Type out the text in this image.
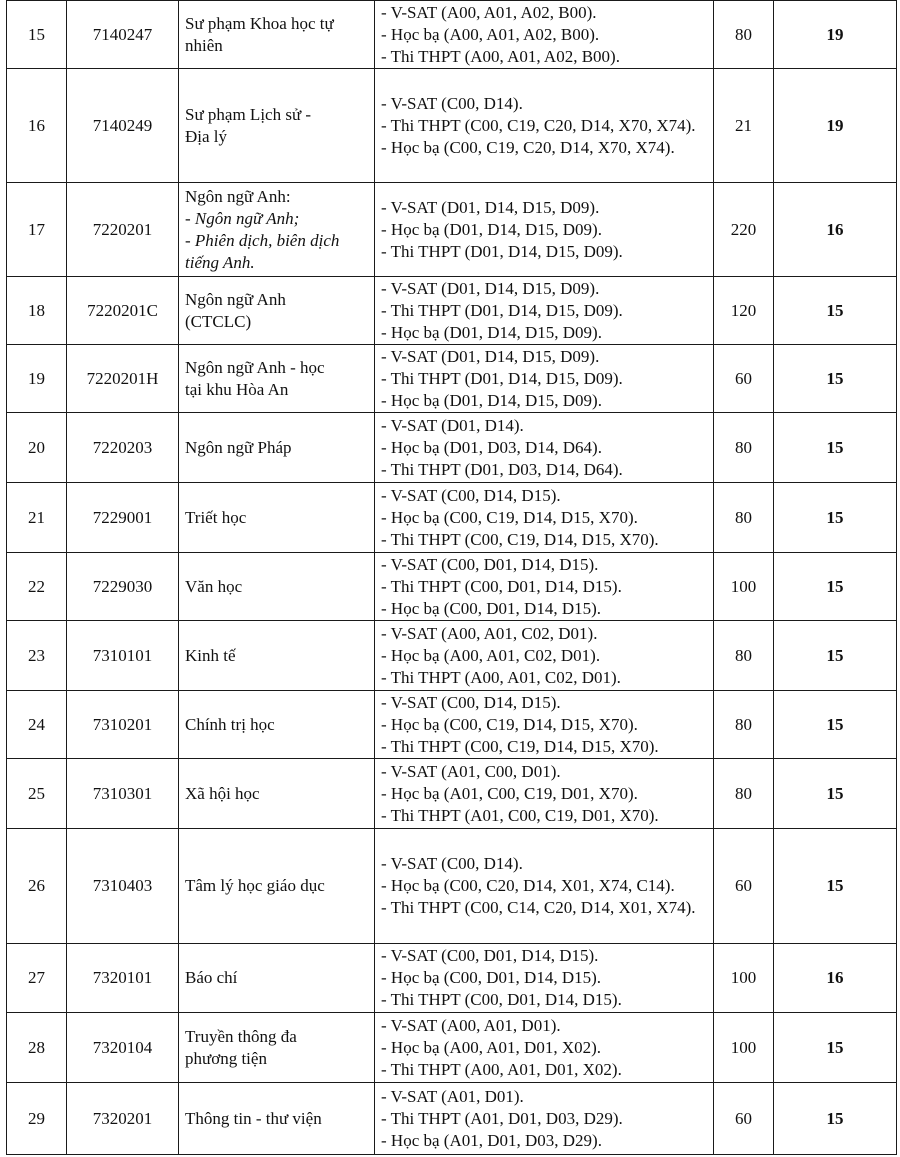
15	7140247	Sư phạm Khoa học tự
nhiên	- V-SAT (A00, A01, A02, B00).
- Học bạ (A00, A01, A02, B00).
- Thi THPT (A00, A01, A02, B00).	80	19
16	7140249	Sư phạm Lịch sử -
Địa lý	- V-SAT (C00, D14).
- Thi THPT (C00, C19, C20, D14, X70, X74).
- Học bạ (C00, C19, C20, D14, X70, X74).	21	19
17	7220201	Ngôn ngữ Anh:
- Ngôn ngữ Anh;
- Phiên dịch, biên dịch tiếng Anh.	- V-SAT (D01, D14, D15, D09).
- Học bạ (D01, D14, D15, D09).
- Thi THPT (D01, D14, D15, D09).	220	16
18	7220201C	Ngôn ngữ Anh
(CTCLC)	- V-SAT (D01, D14, D15, D09).
- Thi THPT (D01, D14, D15, D09).
- Học bạ (D01, D14, D15, D09).	120	15
19	7220201H	Ngôn ngữ Anh - học
tại khu Hòa An	- V-SAT (D01, D14, D15, D09).
- Thi THPT (D01, D14, D15, D09).
- Học bạ (D01, D14, D15, D09).	60	15
20	7220203	Ngôn ngữ Pháp	- V-SAT (D01, D14).
- Học bạ (D01, D03, D14, D64).
- Thi THPT (D01, D03, D14, D64).	80	15
21	7229001	Triết học	- V-SAT (C00, D14, D15).
- Học bạ (C00, C19, D14, D15, X70).
- Thi THPT (C00, C19, D14, D15, X70).	80	15
22	7229030	Văn học	- V-SAT (C00, D01, D14, D15).
- Thi THPT (C00, D01, D14, D15).
- Học bạ (C00, D01, D14, D15).	100	15
23	7310101	Kinh tế	- V-SAT (A00, A01, C02, D01).
- Học bạ (A00, A01, C02, D01).
- Thi THPT (A00, A01, C02, D01).	80	15
24	7310201	Chính trị học	- V-SAT (C00, D14, D15).
- Học bạ (C00, C19, D14, D15, X70).
- Thi THPT (C00, C19, D14, D15, X70).	80	15
25	7310301	Xã hội học	- V-SAT (A01, C00, D01).
- Học bạ (A01, C00, C19, D01, X70).
- Thi THPT (A01, C00, C19, D01, X70).	80	15
26	7310403	Tâm lý học giáo dục	- V-SAT (C00, D14).
- Học bạ (C00, C20, D14, X01, X74, C14).
- Thi THPT (C00, C14, C20, D14, X01, X74).	60	15
27	7320101	Báo chí	- V-SAT (C00, D01, D14, D15).
- Học bạ (C00, D01, D14, D15).
- Thi THPT (C00, D01, D14, D15).	100	16
28	7320104	Truyền thông đa
phương tiện	- V-SAT (A00, A01, D01).
- Học bạ (A00, A01, D01, X02).
- Thi THPT (A00, A01, D01, X02).	100	15
29	7320201	Thông tin - thư viện	- V-SAT (A01, D01).
- Thi THPT (A01, D01, D03, D29).
- Học bạ (A01, D01, D03, D29).	60	15
